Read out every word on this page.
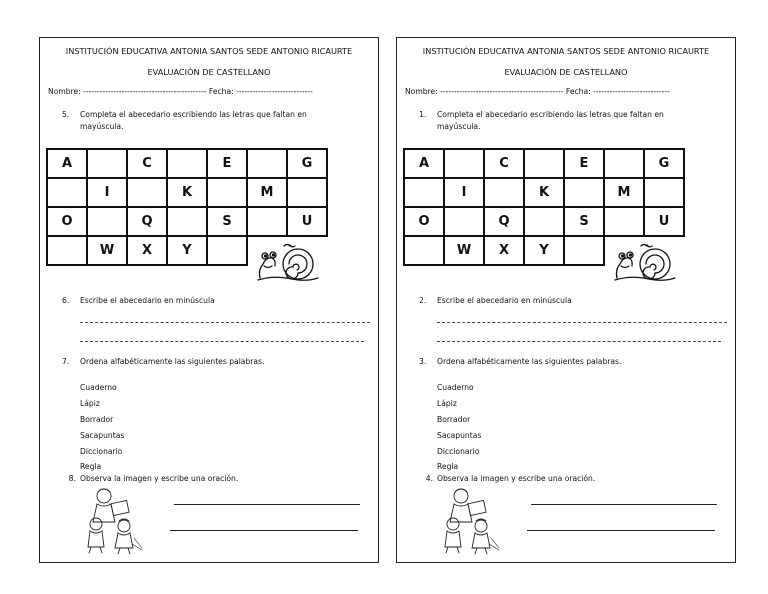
INSTITUCIÓN EDUCATIVA ANTONIA SANTOS SEDE ANTONIO RICAURTE
EVALUACIÓN DE CASTELLANO
Nombre: --------------------------------------------- Fecha: ----------------------------
5. Completa el abecedario escribiendo las letras que faltan en
mayúscula.
A		C		E		G
	I		K		M	
O		Q		S		U
	W	X	Y			
6. Escribe el abecedario en minúscula
7. Ordena alfabéticamente las siguientes palabras.
Cuaderno
Lápiz
Borrador
Sacapuntas
Diccionario
Regla
8. Observa la imagen y escribe una oración.
INSTITUCIÓN EDUCATIVA ANTONIA SANTOS SEDE ANTONIO RICAURTE
EVALUACIÓN DE CASTELLANO
Nombre: --------------------------------------------- Fecha: ----------------------------
1. Completa el abecedario escribiendo las letras que faltan en
mayúscula.
A		C		E		G
	I		K		M	
O		Q		S		U
	W	X	Y			
2. Escribe el abecedario en minúscula
3. Ordena alfabéticamente las siguientes palabras.
Cuaderno
Lápiz
Borrador
Sacapuntas
Diccionario
Regla
4. Observa la imagen y escribe una oración.
